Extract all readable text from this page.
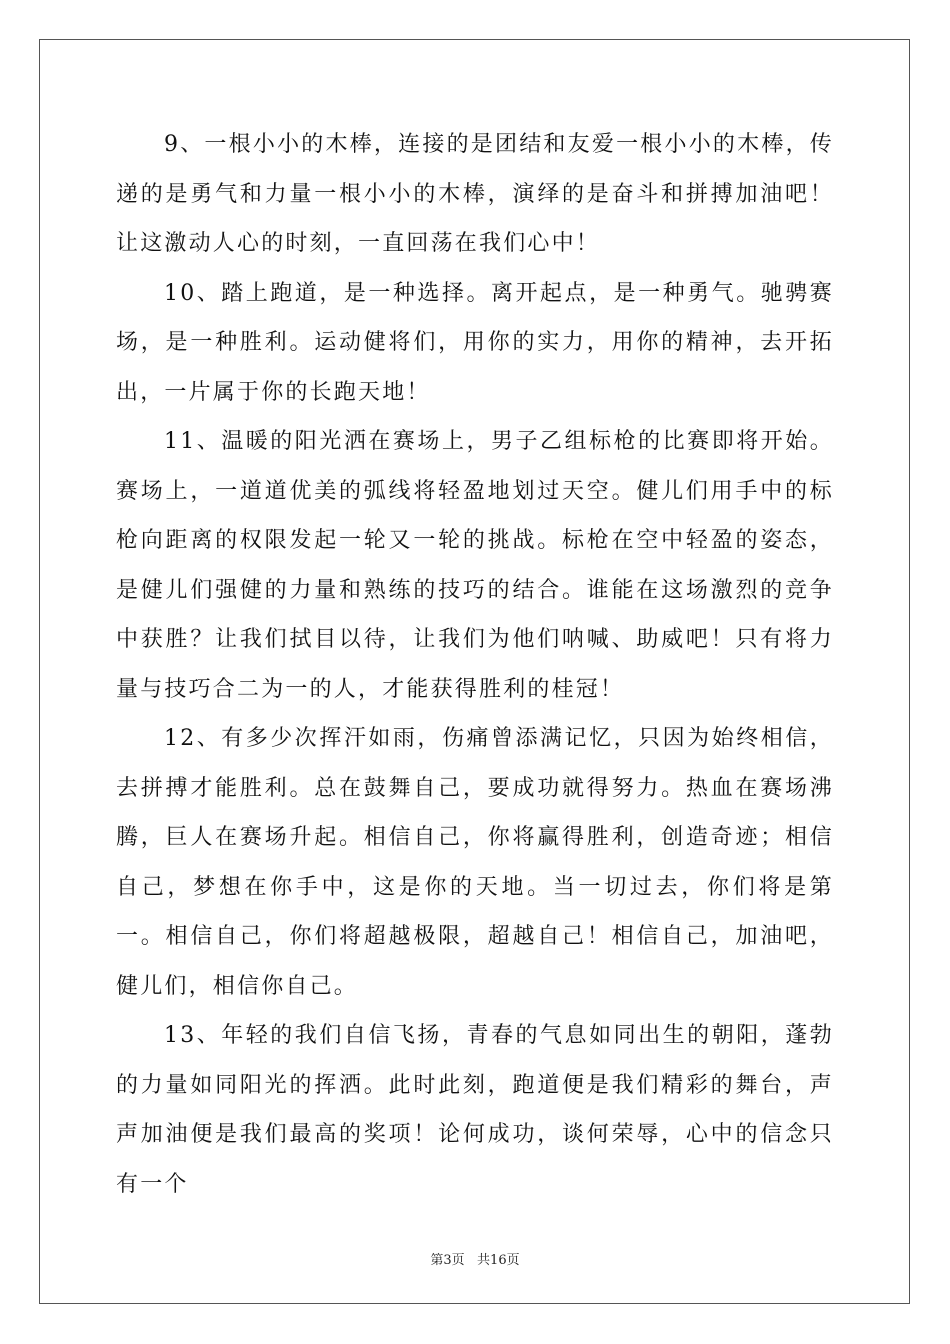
9、一根小小的木棒，连接的是团结和友爱一根小小的木棒，传递的是勇气和力量一根小小的木棒，演绎的是奋斗和拼搏加油吧！让这激动人心的时刻，一直回荡在我们心中！

10、踏上跑道，是一种选择。离开起点，是一种勇气。驰骋赛场，是一种胜利。运动健将们，用你的实力，用你的精神，去开拓出，一片属于你的长跑天地！

11、温暖的阳光洒在赛场上，男子乙组标枪的比赛即将开始。赛场上，一道道优美的弧线将轻盈地划过天空。健儿们用手中的标枪向距离的权限发起一轮又一轮的挑战。标枪在空中轻盈的姿态，是健儿们强健的力量和熟练的技巧的结合。谁能在这场激烈的竞争中获胜？让我们拭目以待，让我们为他们呐喊、助威吧！只有将力量与技巧合二为一的人，才能获得胜利的桂冠！

12、有多少次挥汗如雨，伤痛曾添满记忆，只因为始终相信，去拼搏才能胜利。总在鼓舞自己，要成功就得努力。热血在赛场沸腾，巨人在赛场升起。相信自己，你将赢得胜利，创造奇迹；相信自己，梦想在你手中，这是你的天地。当一切过去，你们将是第一。相信自己，你们将超越极限，超越自己！相信自己，加油吧，健儿们，相信你自己。

13、年轻的我们自信飞扬，青春的气息如同出生的朝阳，蓬勃的力量如同阳光的挥洒。此时此刻，跑道便是我们精彩的舞台，声声加油便是我们最高的奖项！论何成功，谈何荣辱，心中的信念只有一个

第3页   共16页
